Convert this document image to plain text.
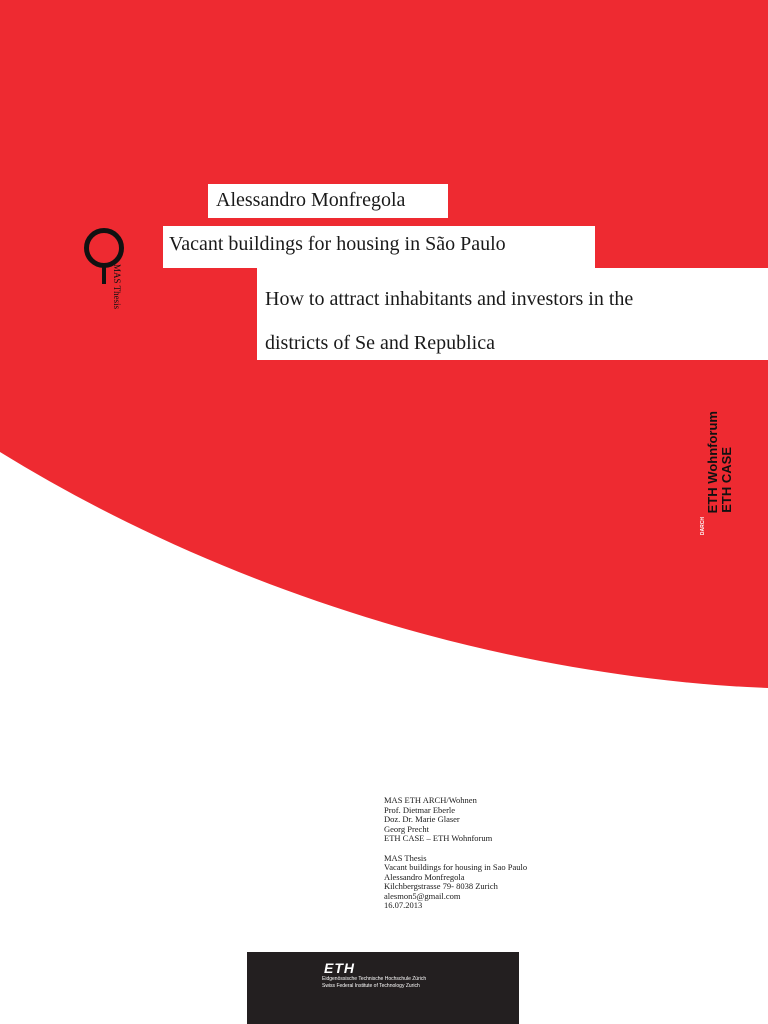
Alessandro Monfregola
Vacant buildings for housing in São Paulo
How to attract inhabitants and investors in the
districts of Se and Republica
MAS Thesis
DARCH
ETH Wohnforum ETH CASE
MAS ETH ARCH/Wohnen
Prof. Dietmar Eberle
Doz. Dr. Marie Glaser
Georg Precht
ETH CASE – ETH Wohnforum
MAS Thesis
Vacant buildings for housing in Sao Paulo
Alessandro Monfregola
Kilchbergstrasse 79- 8038 Zurich
alesmon5@gmail.com
16.07.2013
ETH
Eidgenössische Technische Hochschule Zürich
Swiss Federal Institute of Technology Zurich
